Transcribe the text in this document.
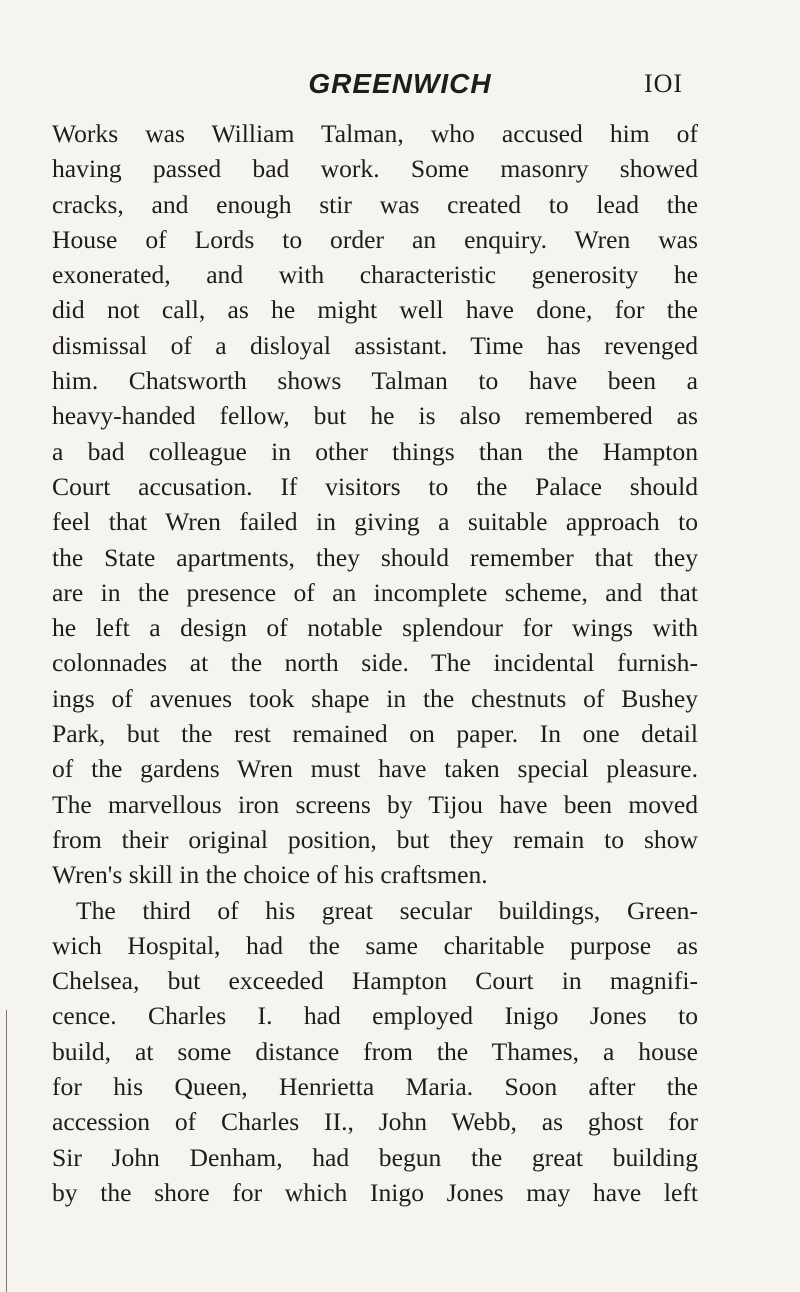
GREENWICH	IOI
Works was William Talman, who accused him of
having passed bad work. Some masonry showed
cracks, and enough stir was created to lead the
House of Lords to order an enquiry. Wren was
exonerated, and with characteristic generosity he
did not call, as he might well have done, for the
dismissal of a disloyal assistant. Time has revenged
him. Chatsworth shows Talman to have been a
heavy-handed fellow, but he is also remembered as
a bad colleague in other things than the Hampton
Court accusation. If visitors to the Palace should
feel that Wren failed in giving a suitable approach to
the State apartments, they should remember that they
are in the presence of an incomplete scheme, and that
he left a design of notable splendour for wings with
colonnades at the north side. The incidental furnish-
ings of avenues took shape in the chestnuts of Bushey
Park, but the rest remained on paper. In one detail
of the gardens Wren must have taken special pleasure.
The marvellous iron screens by Tijou have been moved
from their original position, but they remain to show
Wren's skill in the choice of his craftsmen.
The third of his great secular buildings, Green-
wich Hospital, had the same charitable purpose as
Chelsea, but exceeded Hampton Court in magnifi-
cence. Charles I. had employed Inigo Jones to
build, at some distance from the Thames, a house
for his Queen, Henrietta Maria. Soon after the
accession of Charles II., John Webb, as ghost for
Sir John Denham, had begun the great building
by the shore for which Inigo Jones may have left
